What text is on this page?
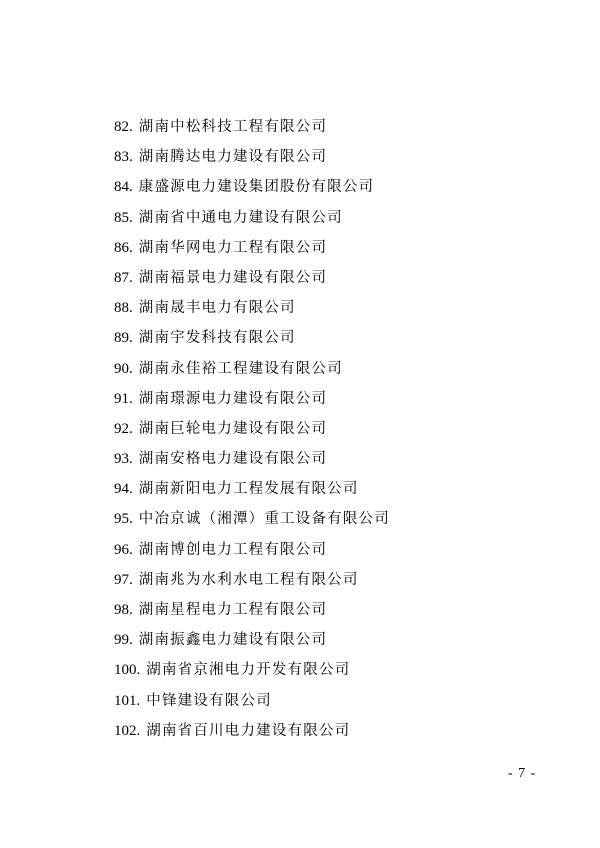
82. 湖南中松科技工程有限公司
83. 湖南腾达电力建设有限公司
84. 康盛源电力建设集团股份有限公司
85. 湖南省中通电力建设有限公司
86. 湖南华网电力工程有限公司
87. 湖南福景电力建设有限公司
88. 湖南晟丰电力有限公司
89. 湖南宇发科技有限公司
90. 湖南永佳裕工程建设有限公司
91. 湖南璟源电力建设有限公司
92. 湖南巨轮电力建设有限公司
93. 湖南安格电力建设有限公司
94. 湖南新阳电力工程发展有限公司
95. 中冶京诚（湘潭）重工设备有限公司
96. 湖南博创电力工程有限公司
97. 湖南兆为水利水电工程有限公司
98. 湖南星程电力工程有限公司
99. 湖南振鑫电力建设有限公司
100. 湖南省京湘电力开发有限公司
101. 中锋建设有限公司
102. 湖南省百川电力建设有限公司
- 7 -
